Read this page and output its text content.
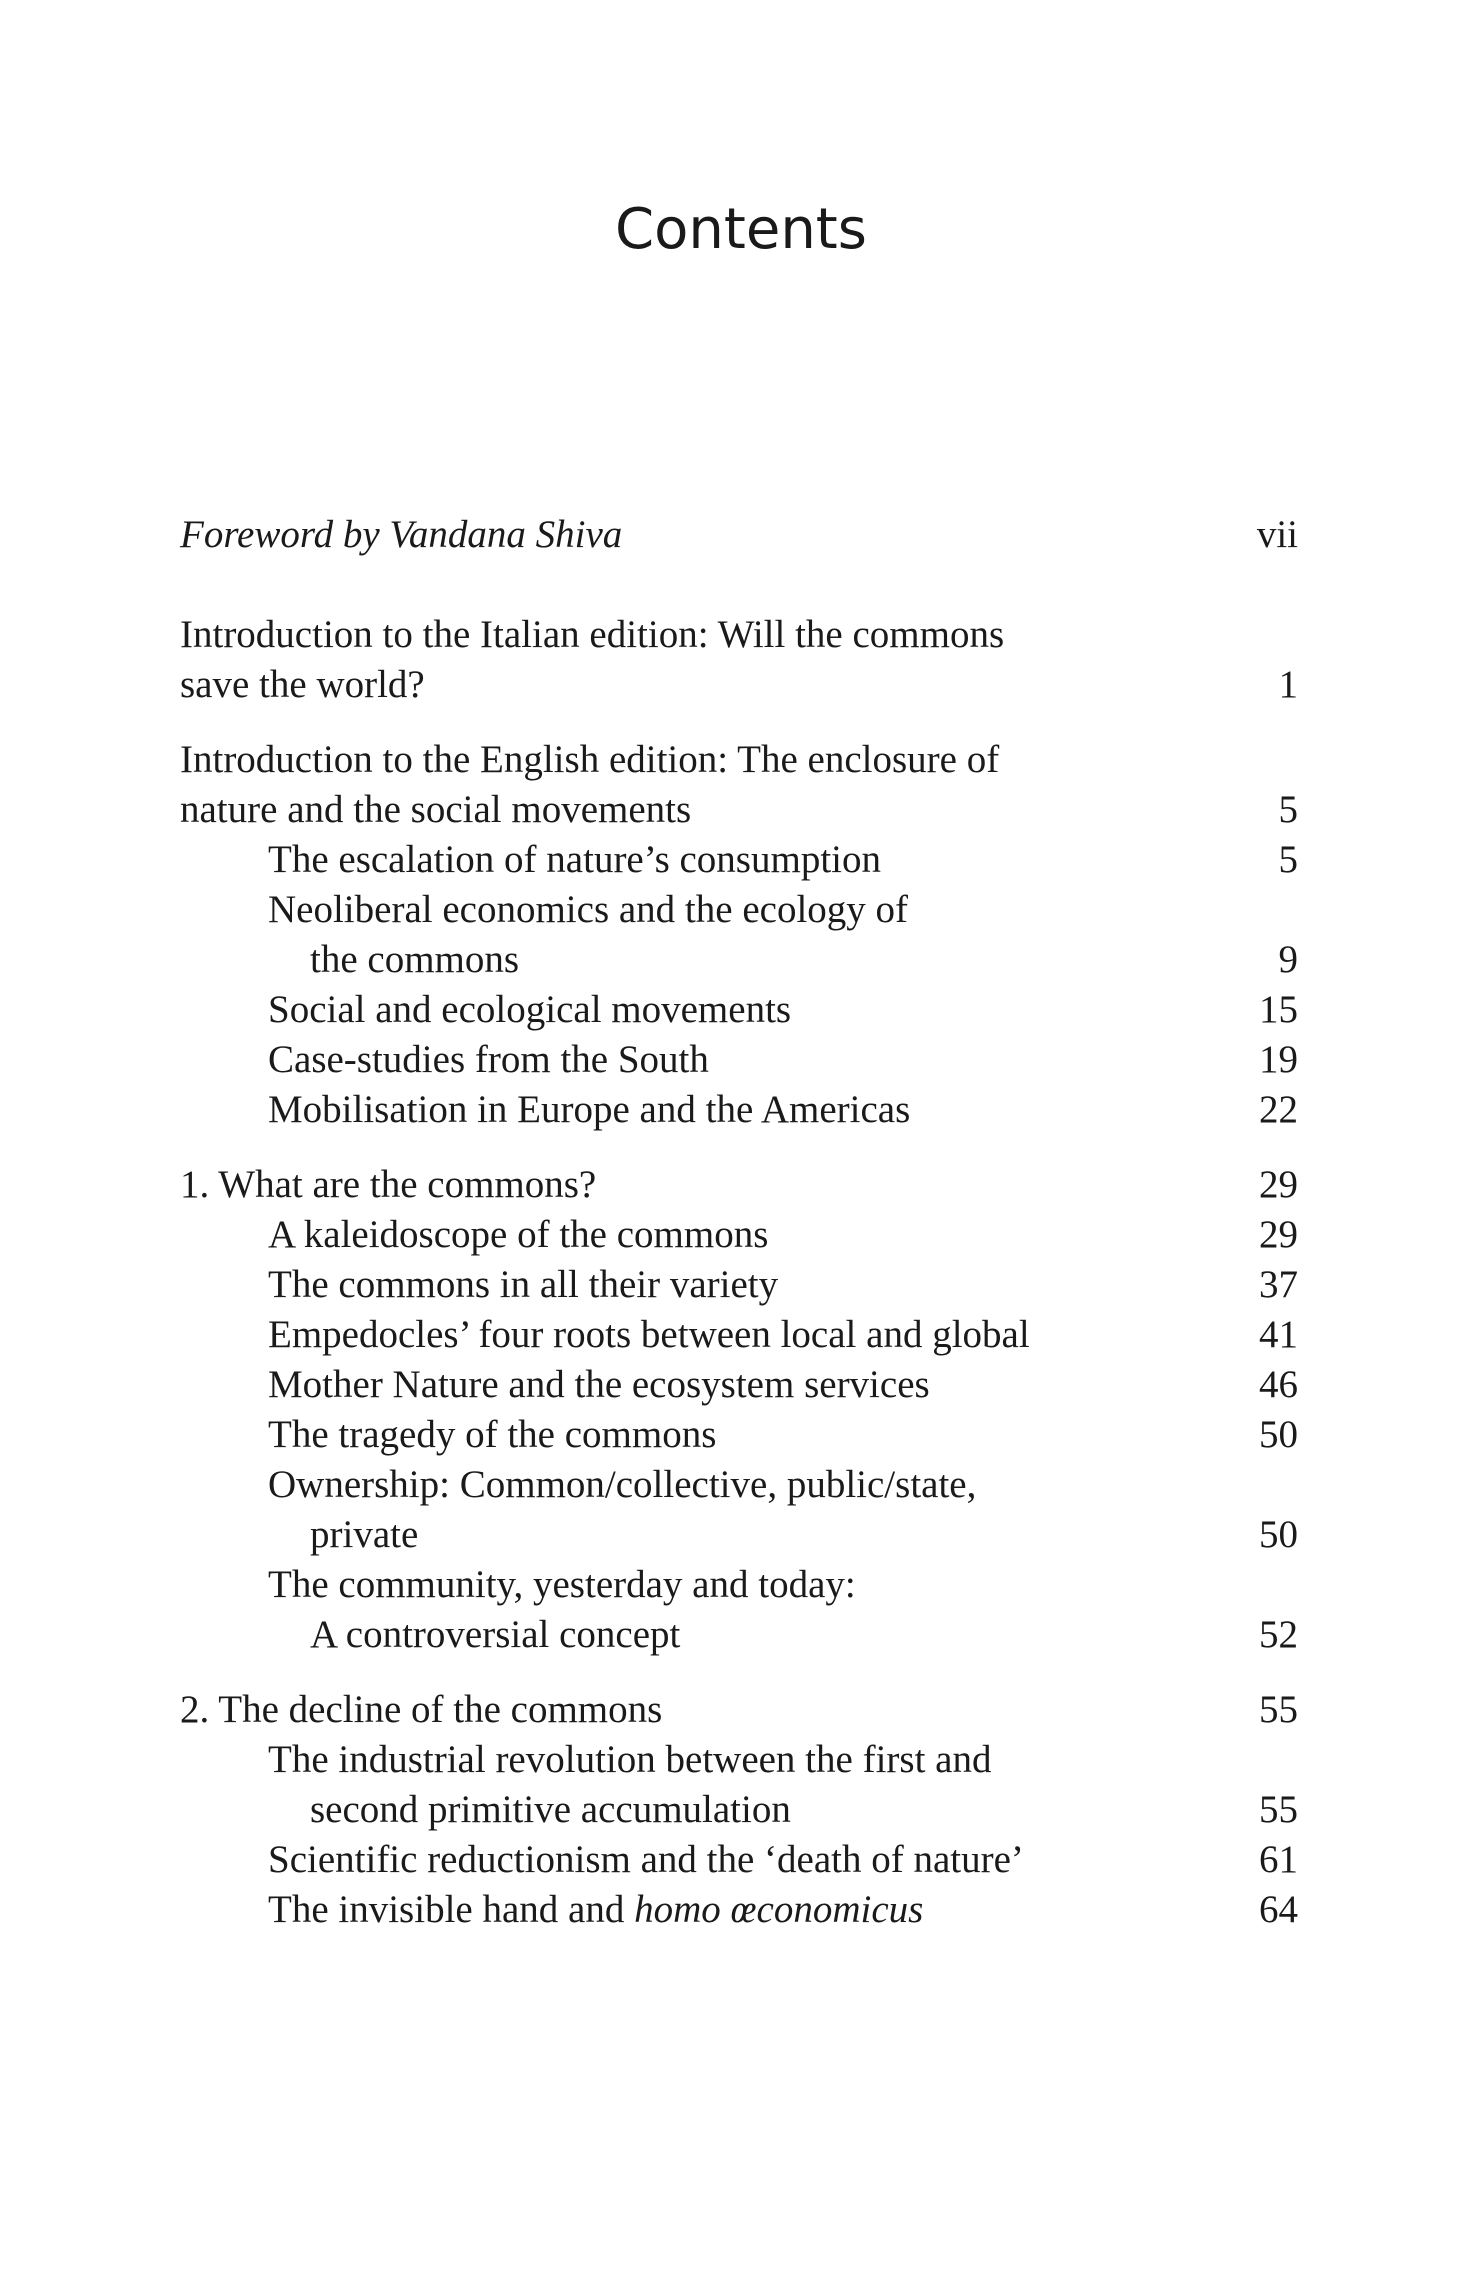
Contents
Foreword by Vandana Shiva	vii
Introduction to the Italian edition: Will the commons
save the world?	1
Introduction to the English edition: The enclosure of
nature and the social movements	5
The escalation of nature’s consumption	5
Neoliberal economics and the ecology of
the commons	9
Social and ecological movements	15
Case-studies from the South	19
Mobilisation in Europe and the Americas	22
1. What are the commons?	29
A kaleidoscope of the commons	29
The commons in all their variety	37
Empedocles’ four roots between local and global	41
Mother Nature and the ecosystem services	46
The tragedy of the commons	50
Ownership: Common/collective, public/state,
private	50
The community, yesterday and today:
A controversial concept	52
2. The decline of the commons	55
The industrial revolution between the first and
second primitive accumulation	55
Scientific reductionism and the ‘death of nature’	61
The invisible hand and homo œconomicus	64
